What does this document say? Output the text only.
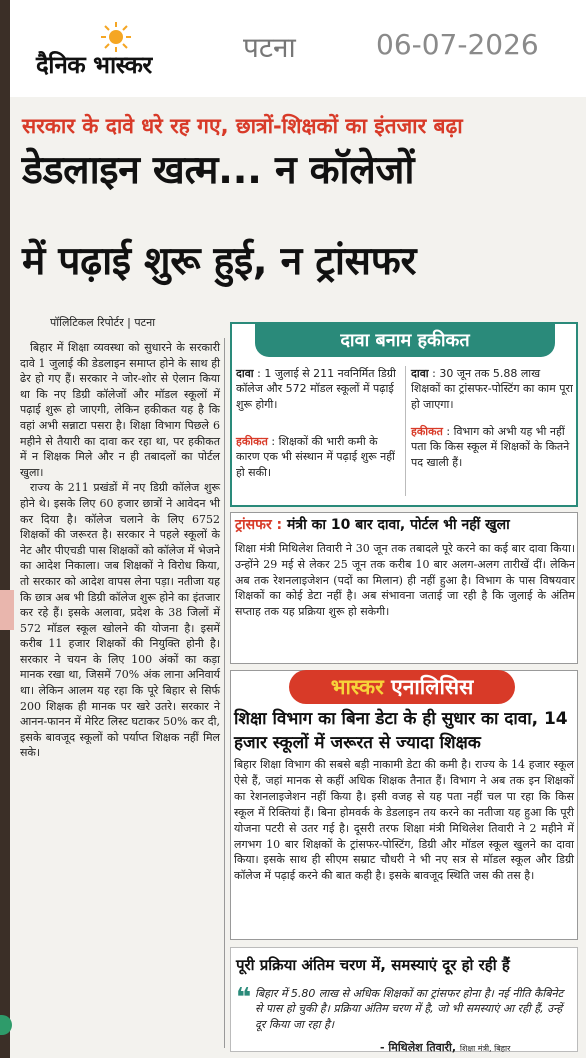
दैनिक भास्कर
पटना	06-07-2026
सरकार के दावे धरे रह गए, छात्रों-शिक्षकों का इंतजार बढ़ा
डेडलाइन खत्म... न कॉलेजों
में पढ़ाई शुरू हुई, न ट्रांसफर
पॉलिटिकल रिपोर्टर | पटना

बिहार में शिक्षा व्यवस्था को सुधारने के सरकारी दावे 1 जुलाई की डेडलाइन समाप्त होने के साथ ही ढेर हो गए हैं। सरकार ने जोर-शोर से ऐलान किया था कि नए डिग्री कॉलेजों और मॉडल स्कूलों में पढ़ाई शुरू हो जाएगी, लेकिन हकीकत यह है कि वहां अभी सन्नाटा पसरा है। शिक्षा विभाग पिछले 6 महीने से तैयारी का दावा कर रहा था, पर हकीकत में न शिक्षक मिले और न ही तबादलों का पोर्टल खुला।

राज्य के 211 प्रखंडों में नए डिग्री कॉलेज शुरू होने थे। इसके लिए 60 हजार छात्रों ने आवेदन भी कर दिया है। कॉलेज चलाने के लिए 6752 शिक्षकों की जरूरत है। सरकार ने पहले स्कूलों के नेट और पीएचडी पास शिक्षकों को कॉलेज में भेजने का आदेश निकाला। जब शिक्षकों ने विरोध किया, तो सरकार को आदेश वापस लेना पड़ा। नतीजा यह कि छात्र अब भी डिग्री कॉलेज शुरू होने का इंतजार कर रहे हैं। इसके अलावा, प्रदेश के 38 जिलों में 572 मॉडल स्कूल खोलने की योजना है। इसमें करीब 11 हजार शिक्षकों की नियुक्ति होनी है। सरकार ने चयन के लिए 100 अंकों का कड़ा मानक रखा था, जिसमें 70% अंक लाना अनिवार्य था। लेकिन आलम यह रहा कि पूरे बिहार से सिर्फ 200 शिक्षक ही मानक पर खरे उतरे। सरकार ने आनन-फानन में मेरिट लिस्ट घटाकर 50% कर दी, इसके बावजूद स्कूलों को पर्याप्त शिक्षक नहीं मिल सके।

दावा बनाम हकीकत
दावा : 1 जुलाई से 211 नवनिर्मित डिग्री कॉलेज और 572 मॉडल स्कूलों में पढ़ाई शुरू होगी।
हकीकत : शिक्षकों की भारी कमी के कारण एक भी संस्थान में पढ़ाई शुरू नहीं हो सकी।
दावा : 30 जून तक 5.88 लाख शिक्षकों का ट्रांसफर-पोस्टिंग का काम पूरा हो जाएगा।
हकीकत : विभाग को अभी यह भी नहीं पता कि किस स्कूल में शिक्षकों के कितने पद खाली हैं।
ट्रांसफर : मंत्री का 10 बार दावा, पोर्टल भी नहीं खुला
शिक्षा मंत्री मिथिलेश तिवारी ने 30 जून तक तबादले पूरे करने का कई बार दावा किया। उन्होंने 29 मई से लेकर 25 जून तक करीब 10 बार अलग-अलग तारीखें दीं। लेकिन अब तक रेशनलाइजेशन (पदों का मिलान) ही नहीं हुआ है। विभाग के पास विषयवार शिक्षकों का कोई डेटा नहीं है। अब संभावना जताई जा रही है कि जुलाई के अंतिम सप्ताह तक यह प्रक्रिया शुरू हो सकेगी।
भास्कर एनालिसिस
शिक्षा विभाग का बिना डेटा के ही सुधार का दावा, 14 हजार स्कूलों में जरूरत से ज्यादा शिक्षक
बिहार शिक्षा विभाग की सबसे बड़ी नाकामी डेटा की कमी है। राज्य के 14 हजार स्कूल ऐसे हैं, जहां मानक से कहीं अधिक शिक्षक तैनात हैं। विभाग ने अब तक इन शिक्षकों का रेशनलाइजेशन नहीं किया है। इसी वजह से यह पता नहीं चल पा रहा कि किस स्कूल में रिक्तियां हैं। बिना होमवर्क के डेडलाइन तय करने का नतीजा यह हुआ कि पूरी योजना पटरी से उतर गई है। दूसरी तरफ शिक्षा मंत्री मिथिलेश तिवारी ने 2 महीने में लगभग 10 बार शिक्षकों के ट्रांसफर-पोस्टिंग, डिग्री और मॉडल स्कूल खुलने का दावा किया। इसके साथ ही सीएम सम्राट चौधरी ने भी नए सत्र से मॉडल स्कूल और डिग्री कॉलेज में पढ़ाई करने की बात कही है। इसके बावजूद स्थिति जस की तस है।
पूरी प्रक्रिया अंतिम चरण में, समस्याएं दूर हो रही हैं
❝ बिहार में 5.80 लाख से अधिक शिक्षकों का ट्रांसफर होना है। नई नीति कैबिनेट से पास हो चुकी है। प्रक्रिया अंतिम चरण में है, जो भी समस्याएं आ रही हैं, उन्हें दूर किया जा रहा है।
- मिथिलेश तिवारी, शिक्षा मंत्री, बिहार
